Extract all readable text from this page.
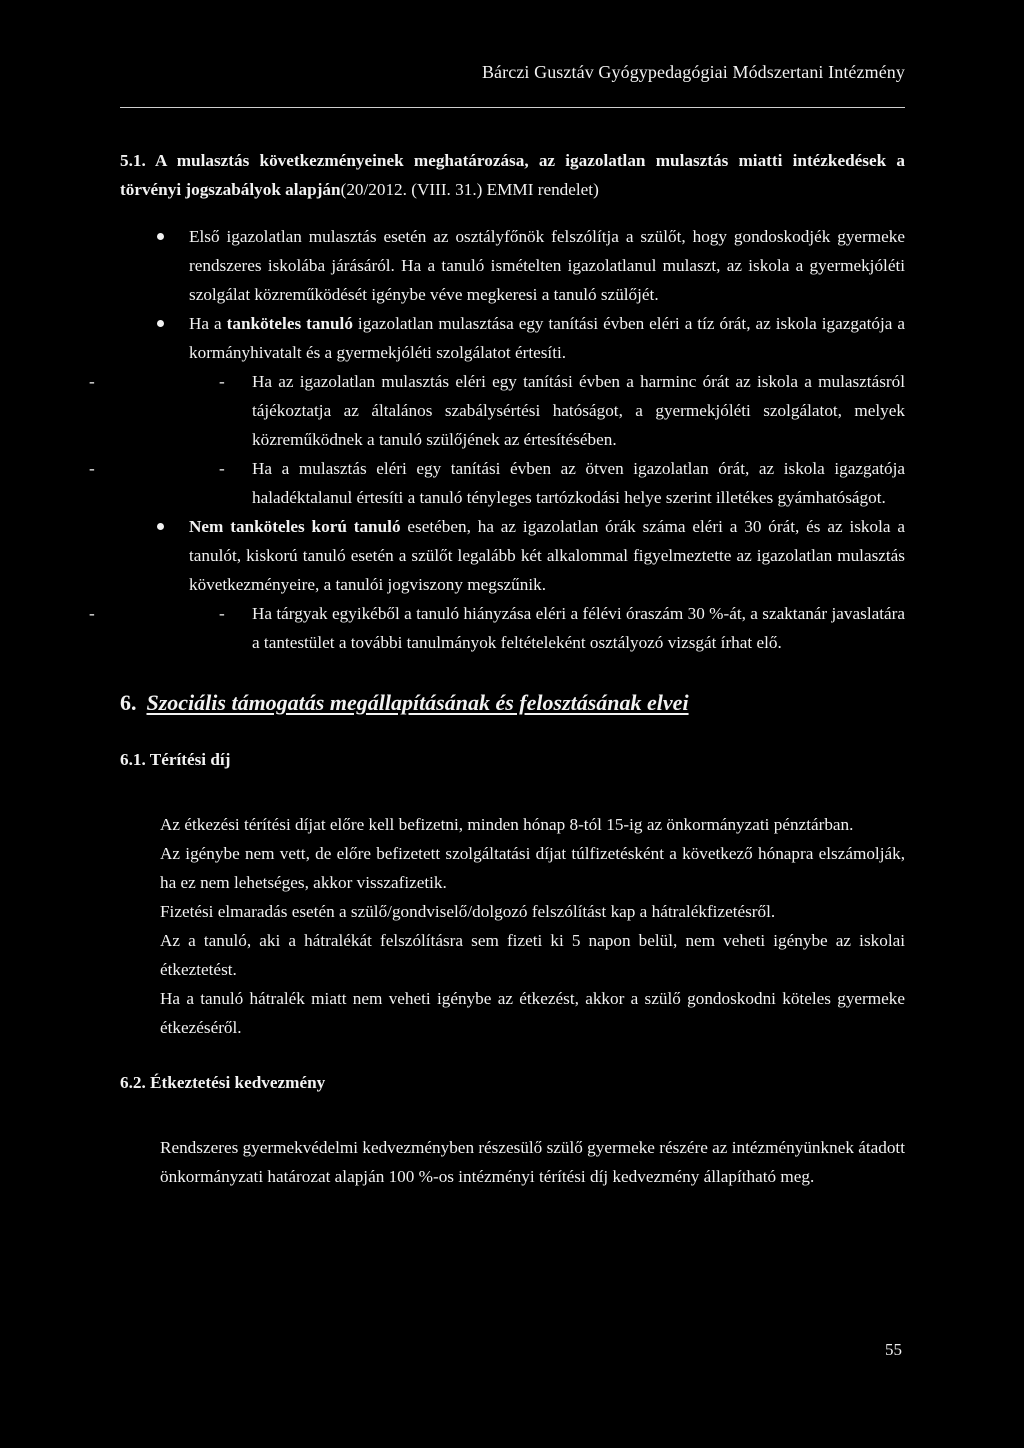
Bárczi Gusztáv Gyógypedagógiai Módszertani Intézmény

5.1. A mulasztás következményeinek meghatározása, az igazolatlan mulasztás miatti intézkedések a törvényi jogszabályok alapján(20/2012. (VIII. 31.) EMMI rendelet)

Első igazolatlan mulasztás esetén az osztályfőnök felszólítja a szülőt, hogy gondoskodjék gyermeke rendszeres iskolába járásáról. Ha a tanuló ismételten igazolatlanul mulaszt, az iskola a gyermekjóléti szolgálat közreműködését igénybe véve megkeresi a tanuló szülőjét.
Ha a tanköteles tanuló igazolatlan mulasztása egy tanítási évben eléri a tíz órát, az iskola igazgatója a kormányhivatalt és a gyermekjóléti szolgálatot értesíti.
- - Ha az igazolatlan mulasztás eléri egy tanítási évben a harminc órát az iskola a mulasztásról tájékoztatja az általános szabálysértési hatóságot, a gyermekjóléti szolgálatot, melyek közreműködnek a tanuló szülőjének az értesítésében.
- - Ha a mulasztás eléri egy tanítási évben az ötven igazolatlan órát, az iskola igazgatója haladéktalanul értesíti a tanuló tényleges tartózkodási helye szerint illetékes gyámhatóságot.
Nem tanköteles korú tanuló esetében, ha az igazolatlan órák száma eléri a 30 órát, és az iskola a tanulót, kiskorú tanuló esetén a szülőt legalább két alkalommal figyelmeztette az igazolatlan mulasztás következményeire, a tanulói jogviszony megszűnik.
- - Ha tárgyak egyikéből a tanuló hiányzása eléri a félévi óraszám 30 %-át, a szaktanár javaslatára a tantestület a további tanulmányok feltételeként osztályozó vizsgát írhat elő.

6. Szociális támogatás megállapításának és felosztásának elvei

6.1. Térítési díj

Az étkezési térítési díjat előre kell befizetni, minden hónap 8-tól 15-ig az önkormányzati pénztárban.

Az igénybe nem vett, de előre befizetett szolgáltatási díjat túlfizetésként a következő hónapra elszámolják, ha ez nem lehetséges, akkor visszafizetik.

Fizetési elmaradás esetén a szülő/gondviselő/dolgozó felszólítást kap a hátralékfizetésről.

Az a tanuló, aki a hátralékát felszólításra sem fizeti ki 5 napon belül, nem veheti igénybe az iskolai étkeztetést.

Ha a tanuló hátralék miatt nem veheti igénybe az étkezést, akkor a szülő gondoskodni köteles gyermeke étkezéséről.

6.2. Étkeztetési kedvezmény

Rendszeres gyermekvédelmi kedvezményben részesülő szülő gyermeke részére az intézményünknek átadott önkormányzati határozat alapján 100 %-os intézményi térítési díj kedvezmény állapítható meg.

55
